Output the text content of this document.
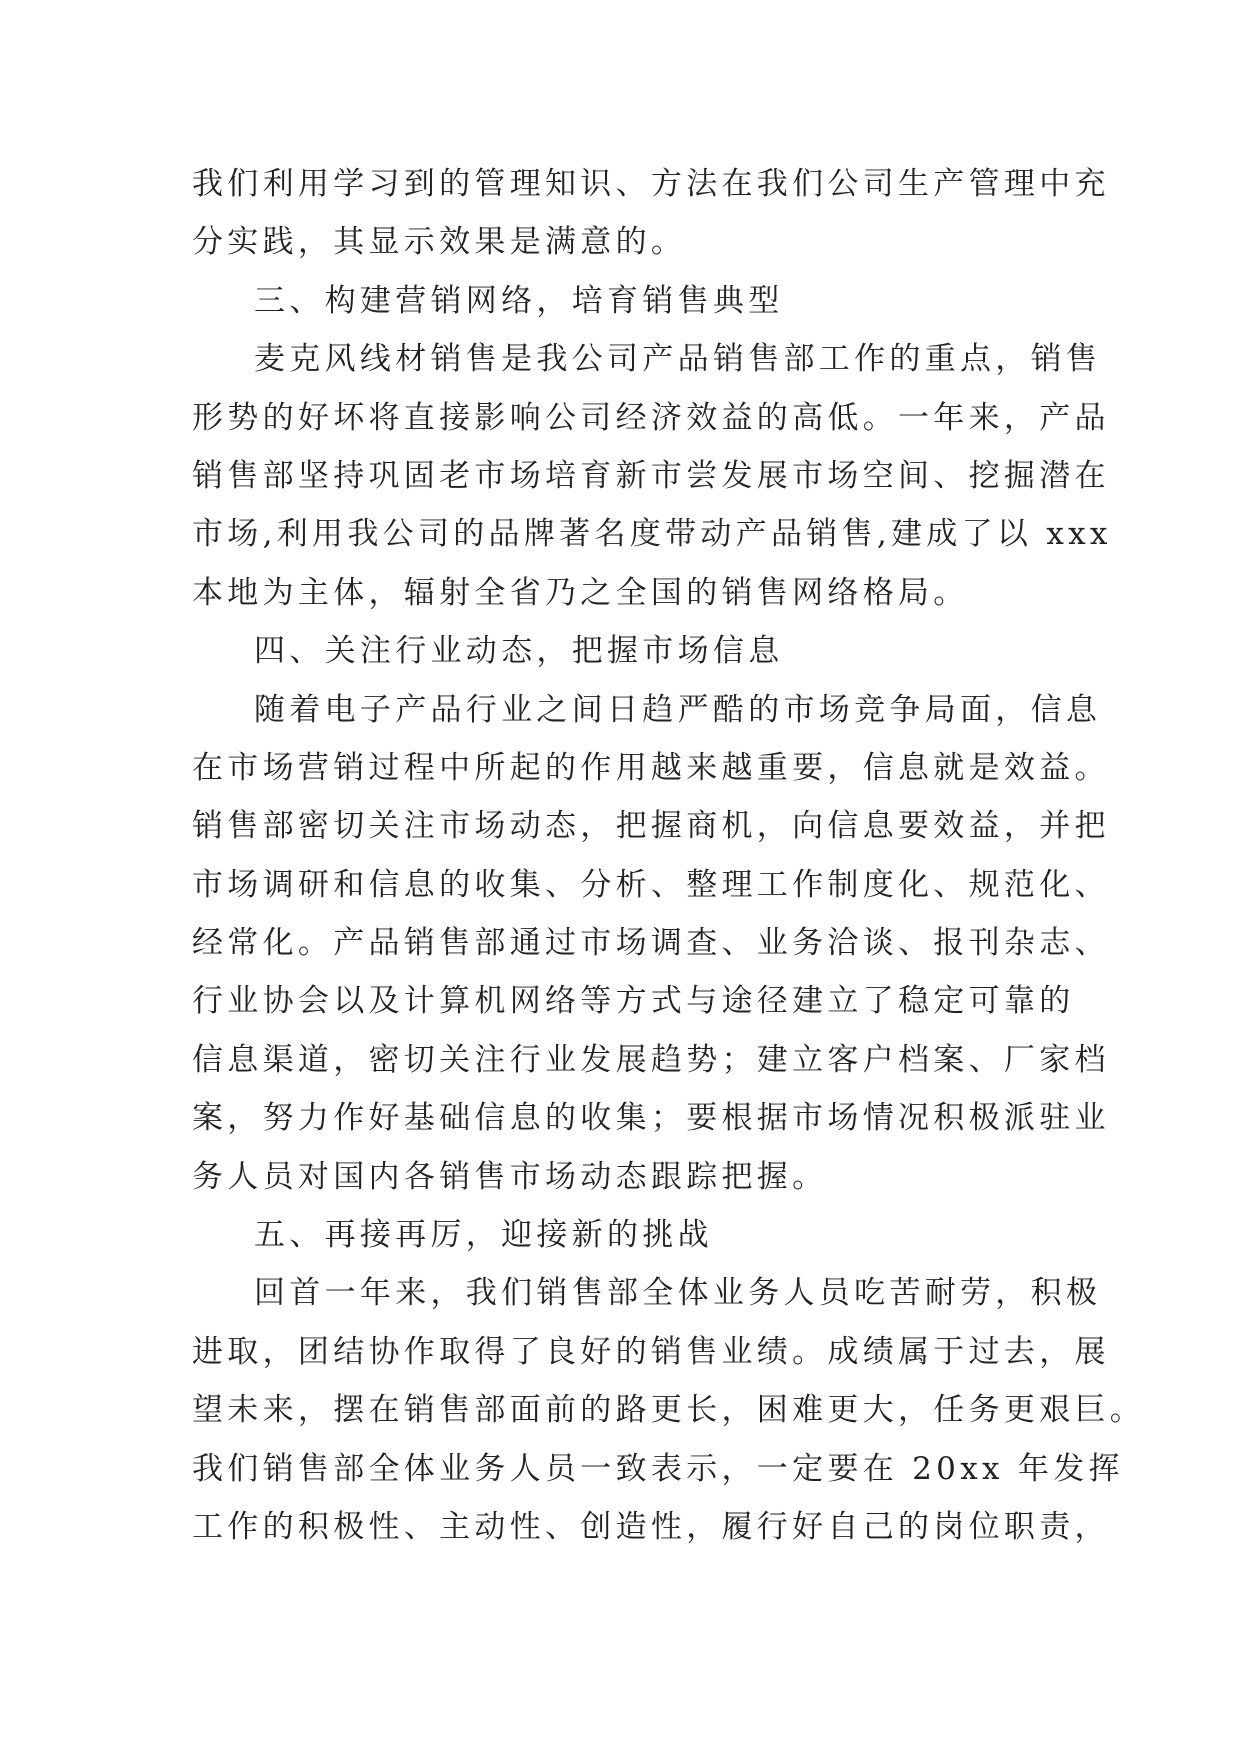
我们利用学习到的管理知识、方法在我们公司生产管理中充
分实践，其显示效果是满意的。
三、构建营销网络，培育销售典型
麦克风线材销售是我公司产品销售部工作的重点，销售
形势的好坏将直接影响公司经济效益的高低。一年来，产品
销售部坚持巩固老市场培育新市尝发展市场空间、挖掘潜在
市场,利用我公司的品牌著名度带动产品销售,建成了以 xxx
本地为主体，辐射全省乃之全国的销售网络格局。
四、关注行业动态，把握市场信息
随着电子产品行业之间日趋严酷的市场竞争局面，信息
在市场营销过程中所起的作用越来越重要，信息就是效益。
销售部密切关注市场动态，把握商机，向信息要效益，并把
市场调研和信息的收集、分析、整理工作制度化、规范化、
经常化。产品销售部通过市场调查、业务洽谈、报刊杂志、
行业协会以及计算机网络等方式与途径建立了稳定可靠的
信息渠道，密切关注行业发展趋势；建立客户档案、厂家档
案，努力作好基础信息的收集；要根据市场情况积极派驻业
务人员对国内各销售市场动态跟踪把握。
五、再接再厉，迎接新的挑战
回首一年来，我们销售部全体业务人员吃苦耐劳，积极
进取，团结协作取得了良好的销售业绩。成绩属于过去，展
望未来，摆在销售部面前的路更长，困难更大，任务更艰巨。
我们销售部全体业务人员一致表示，一定要在 20xx 年发挥
工作的积极性、主动性、创造性，履行好自己的岗位职责，
